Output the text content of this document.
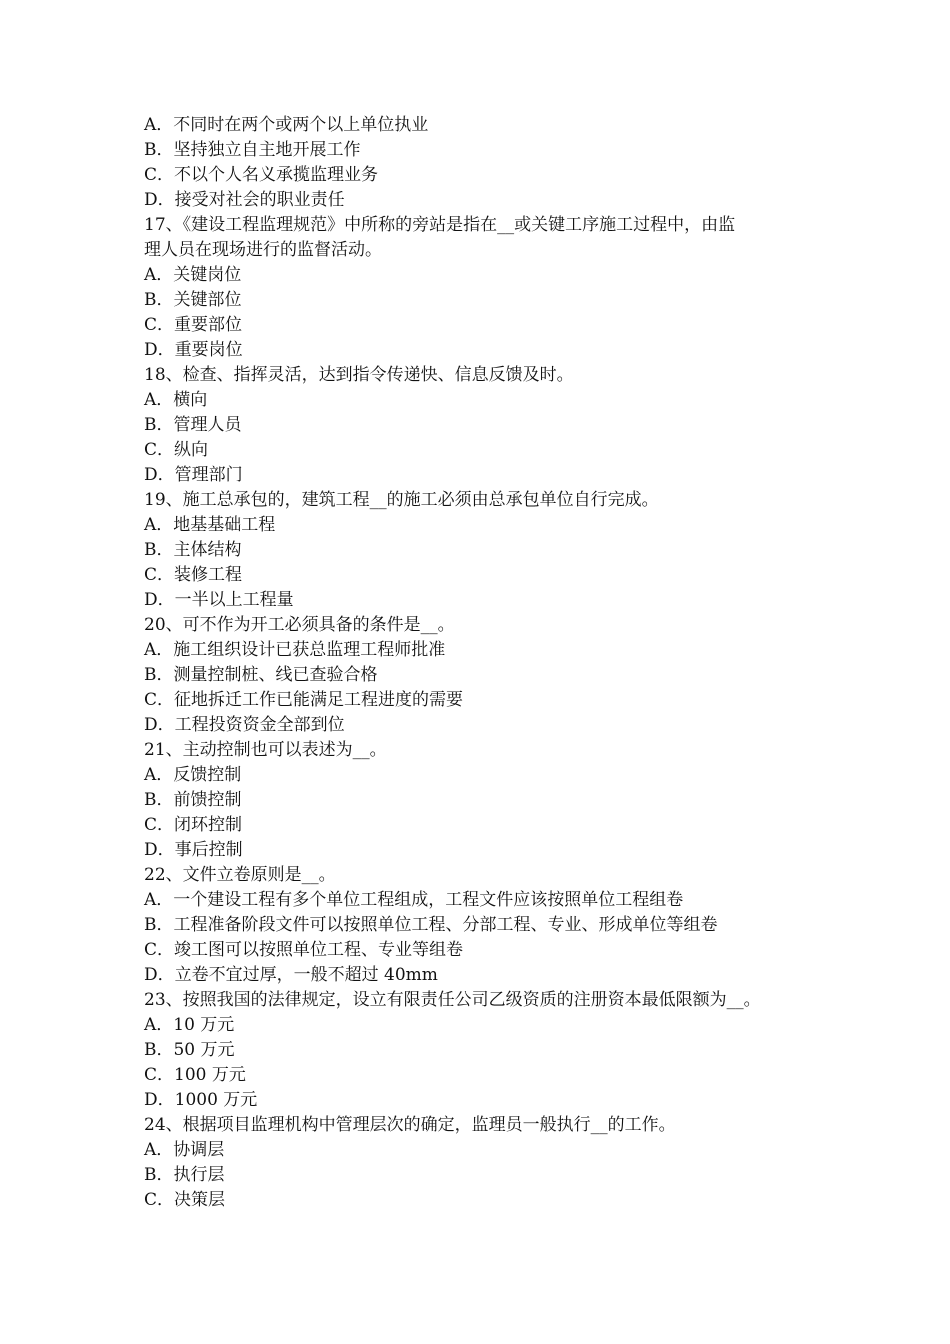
A．不同时在两个或两个以上单位执业

B．坚持独立自主地开展工作

C．不以个人名义承揽监理业务

D．接受对社会的职业责任

17、《建设工程监理规范》中所称的旁站是指在__或关键工序施工过程中，由监

理人员在现场进行的监督活动。

A．关键岗位

B．关键部位

C．重要部位

D．重要岗位

18、检查、指挥灵活，达到指令传递快、信息反馈及时。

A．横向

B．管理人员

C．纵向

D．管理部门

19、施工总承包的，建筑工程__的施工必须由总承包单位自行完成。

A．地基基础工程

B．主体结构

C．装修工程

D．一半以上工程量

20、可不作为开工必须具备的条件是__。

A．施工组织设计已获总监理工程师批准

B．测量控制桩、线已查验合格

C．征地拆迁工作已能满足工程进度的需要

D．工程投资资金全部到位

21、主动控制也可以表述为__。

A．反馈控制

B．前馈控制

C．闭环控制

D．事后控制

22、文件立卷原则是__。

A．一个建设工程有多个单位工程组成，工程文件应该按照单位工程组卷

B．工程准备阶段文件可以按照单位工程、分部工程、专业、形成单位等组卷

C．竣工图可以按照单位工程、专业等组卷

D．立卷不宜过厚，一般不超过 40mm

23、按照我国的法律规定，设立有限责任公司乙级资质的注册资本最低限额为__。

A．10 万元

B．50 万元

C．100 万元

D．1000 万元

24、根据项目监理机构中管理层次的确定，监理员一般执行__的工作。

A．协调层

B．执行层

C．决策层
